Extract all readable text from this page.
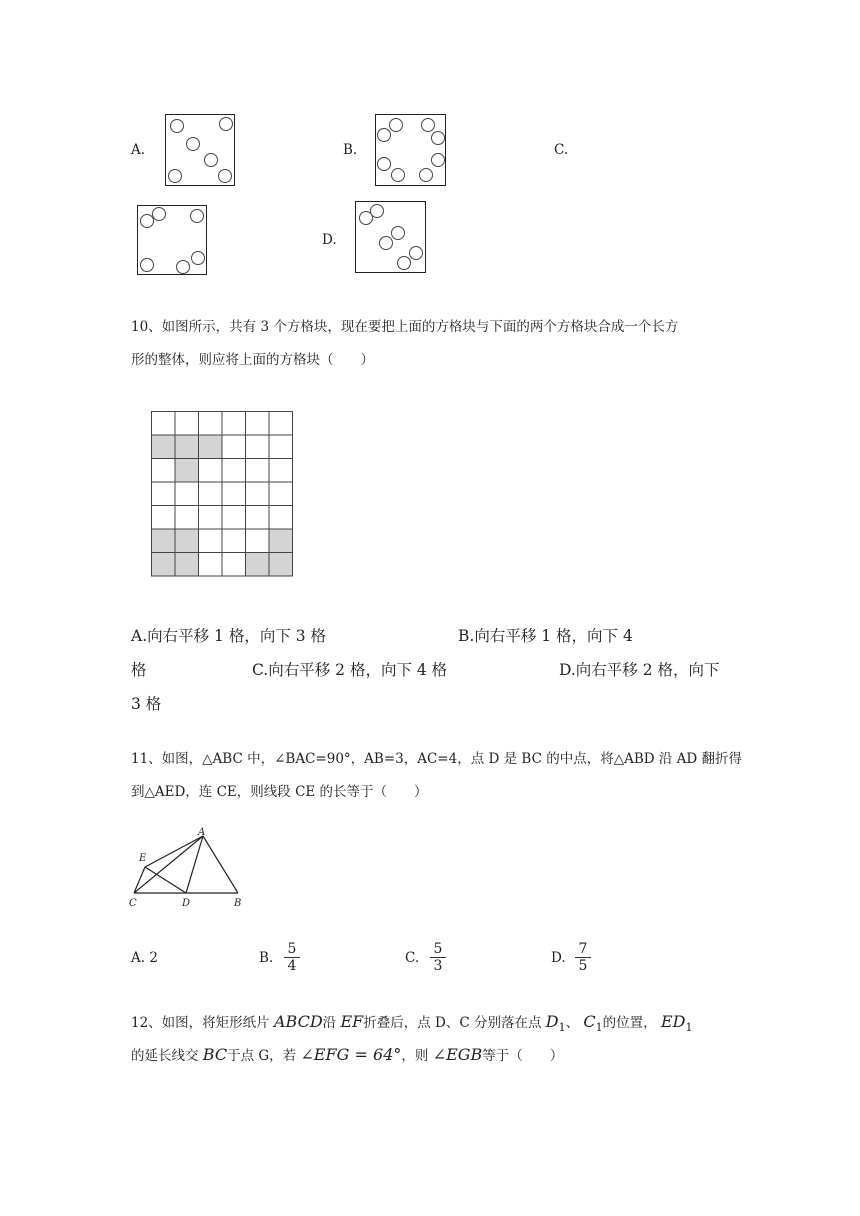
A.	B.	C.
D.
10、如图所示，共有 3 个方格块，现在要把上面的方格块与下面的两个方格块合成一个长方
形的整体，则应将上面的方格块（　　）
A.向右平移 1 格，向下 3 格	B.向右平移 1 格，向下 4
格	C.向右平移 2 格，向下 4 格	D.向右平移 2 格，向下
3 格
11、如图，△ABC 中，∠BAC=90°，AB=3，AC=4，点 D 是 BC 的中点，将△ABD 沿 AD 翻折得
到△AED，连 CE，则线段 CE 的长等于（　　）
A
E
C	D	B
A. 2	B.
5
4	C.
5
3	D.
7
5
12、如图，将矩形纸片 ABCD沿 EF折叠后，点 D、C 分别落在点 $D_1$、 $C_1$的位置， $ED_1$
的延长线交 BC于点 G，若 ∠EFG = 64°，则 ∠EGB等于（　　）
